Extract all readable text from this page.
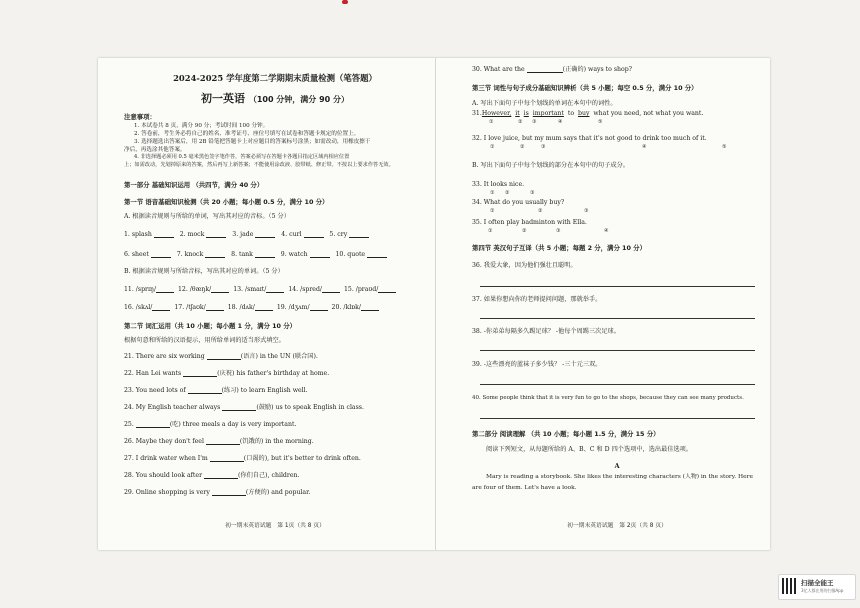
2024-2025 学年度第二学期期末质量检测（笔答题）
初一英语 （100 分钟，满分 90 分）
注意事项：
1. 本试卷共 8 页，满分 90 分；考试时间 100 分钟。
2. 答卷前，考生务必将自己的姓名、准考证号、座位号填写在试卷和答题卡规定的位置上。
3. 选择题选出答案后，用 2B 铅笔把答题卡上对应题目的答案标号涂黑；如需改动，用橡皮擦干
净后，再选涂其他答案。
4. 非选择题必须用 0.5 毫米黑色签字笔作答，答案必须写在答题卡各题目指定区域内相应位置
上；如需改动，先划掉原来的答案，然后再写上新答案；不能使用涂改液、胶带纸、修正带。不按以上要求作答无效。
第一部分 基础知识运用 （共四节，满分 40 分）
第一节 语音基础知识检测（共 20 小题；每小题 0.5 分，满分 10 分）
A. 根据读音规则与所给的单词，写出其对应的音标。（5 分）
1. splash	2. mock	3. jade	4. curl	5. cry
6. sheet	7. knock	8. tank	9. watch	10. quote
B. 根据读音规则与所给音标，写出其对应的单词。（5 分）
11. /sprɪŋ/	12. /θæŋk/	13. /smaɪt/	14. /spred/	15. /praʊd/
16. /skʌl/	17. /tʃaʊk/	18. /dʌk/	19. /dʒʌm/	20. /klɒk/
第二节 词汇运用（共 10 小题；每小题 1 分，满分 10 分）
根据句意和所给的汉语提示，用所给单词的适当形式填空。
21. There are six working	(语言) in the UN (联合国).
22. Han Lei wants	(庆祝) his father's birthday at home.
23. You need lots of	(练习) to learn English well.
24. My English teacher always	(鼓励) us to speak English in class.
25.	(吃) three meals a day is very important.
26. Maybe they don't feel	(饥饿的) in the morning.
27. I drink water when I'm	(口渴的), but it's better to drink often.
28. You should look after	(你们自己), children.
29. Online shopping is very	(方便的) and popular.
初一期末英语试题　第 1页（共 8 页）
30. What are the	(正确的) ways to shop?
第三节 词性与句子成分基础知识辨析（共 5 小题；每空 0.5 分，满分 10 分）
A. 写出下面句子中每个划线的单词在本句中的词性。
31.However, it is important to buy what you need, not what you want.
①	② ③	④	⑤
32. I love juice, but my mum says that it's not good to drink too much of it.
①	②	③	④	⑤
B. 写出下面句子中每个划线的部分在本句中的句子成分。
33. It looks nice.
① ②	③
34. What do you usually buy?
①	②	③
35. I often play badminton with Ella.
①	②	③	④
第四节 英汉句子互译（共 5 小题；每题 2 分，满分 10 分）
36. 我爱大象，因为他们强壮且聪明。
37. 如果你想向你的老师提问问题，那就举手。
38. -你弟弟每隔多久踢足球？ -他每个周踢三次足球。
39. -这些漂亮的蓝袜子多少钱？ -三十元三双。
40. Some people think that it is very fun to go to the shops, because they can see many products.
第二部分 阅读理解 （共 10 小题；每小题 1.5 分，满分 15 分）
阅读下列短文，从每题所给的 A、B、C 和 D 四个选项中，选出最佳选项。
A
Mary is reading a storybook. She likes the interesting characters (人物) in the story. Here
are four of them. Let's have a look.
初一期末英语试题　第 2页（共 8 页）
扫描全能王
3亿人都在用的扫描App
